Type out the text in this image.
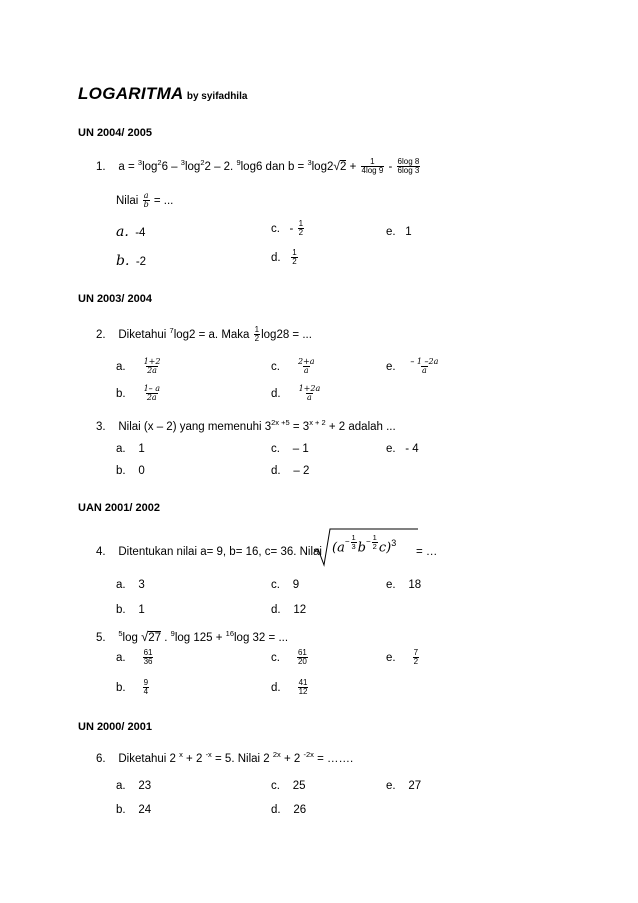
LOGARITMA by syifadhila
UN 2004/ 2005
1. $a = ^3\log^26 - ^3\log^22 - 2$. $^9$log6 dan $b = ^3\log 2√2 + \frac{1}{4\log 9} - \frac{6\log 8}{6\log 3}$
Nilai $\frac{a}{b}$ = ...
a. -4	c. - $\frac{1}{2}$	e. 1
b. -2	d. $\frac{1}{2}$
UN 2003/ 2004
2. Diketahui $^7$log2 = a. Maka $\frac{1}{2} \log 28$ = ...
a. $\frac{1+2}{2a}$	c. $\frac{2+a}{a}$	e. $\frac{- 1 -2a}{a}$
b. $\frac{1- a}{2a}$	d. $\frac{1+2a}{a}$
3. Nilai (x – 2) yang memenuhi $3^{2x +5} = 3^{x + 2} + 2$ adalah ...
a. 1	c. – 1	e. - 4
b. 0	d. – 2
UAN 2001/ 2002
4. Ditentukan nilai a= 9, b= 16, c= 36. Nilai ($a^{- \frac{1}{3}}$ $b^{- \frac{1}{2}}$ c)$^3$
= …
a. 3	c. 9	e. 18
b. 1	d. 12
5. $^5$log √27 . $^9$log 125 + $^{16}$log 32 = ...
a. $\frac{61}{36}$	c. $\frac{61}{20}$	e. $\frac{7}{2}$
b. $\frac{9}{4}$	d. $\frac{41}{12}$
UN 2000/ 2001
6. Diketahui 2 $^x$ + 2 $^{-x}$ = 5. Nilai 2 $^{2x}$ + 2 $^{-2x}$ = …….
a. 23	c. 25	e. 27
b. 24	d. 26
